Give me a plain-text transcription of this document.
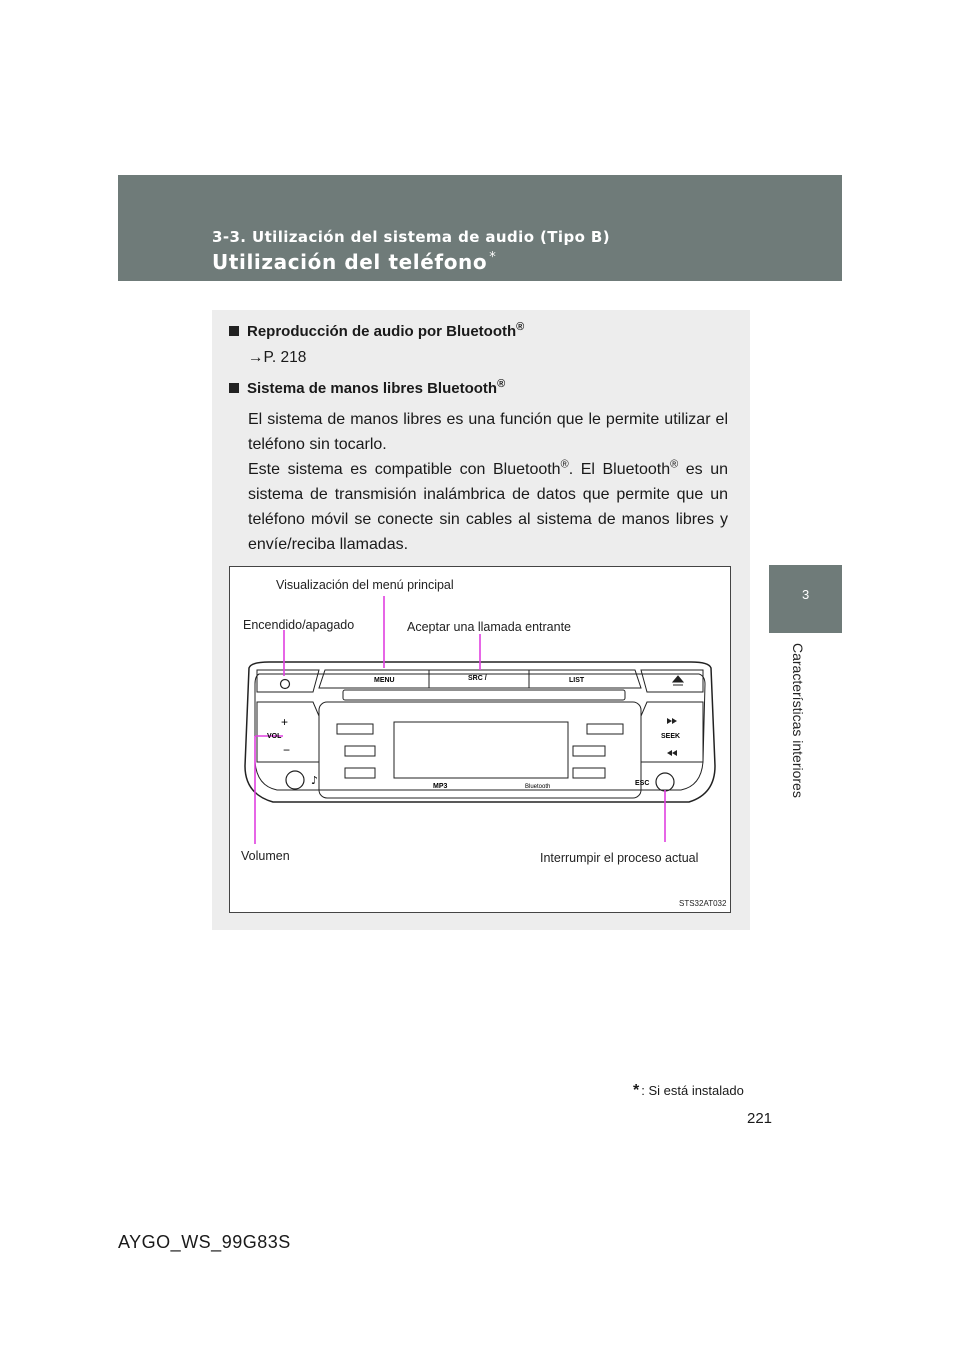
3-3. Utilización del sistema de audio (Tipo B)
Utilización del teléfono *
3
Características interiores
Reproducción de audio por Bluetooth®
→P. 218
Sistema de manos libres Bluetooth®
El sistema de manos libres es una función que le permite utilizar el teléfono sin tocarlo.
Este sistema es compatible con Bluetooth®. El Bluetooth® es un sistema de transmisión inalámbrica de datos que permite que un teléfono móvil se conecte sin cables al sistema de manos libres y envíe/reciba llamadas.
MENU	SRC /	LIST
+
VOL
−
SEEK
ESC
MP3	Bluetooth
♪
Visualización del menú principal
Encendido/apagado	Aceptar una llamada entrante
Volumen	Interrumpir el proceso actual
STS32AT032
* : Si está instalado
221
AYGO_WS_99G83S
